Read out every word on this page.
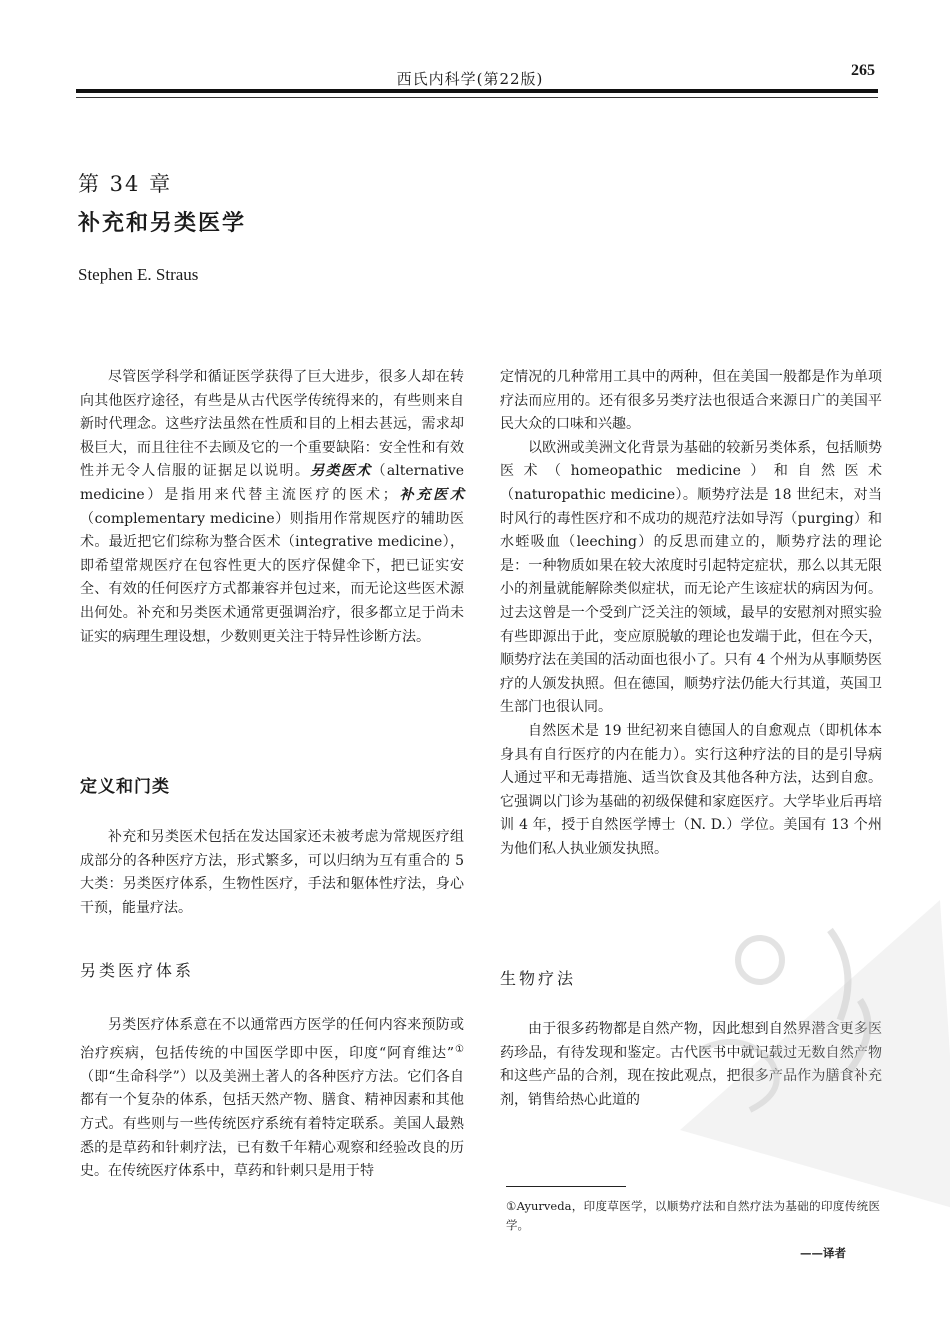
西氏内科学(第22版)	265
第 34 章
补充和另类医学
Stephen E. Straus

尽管医学科学和循证医学获得了巨大进步，很多人却在转向其他医疗途径，有些是从古代医学传统得来的，有些则来自新时代理念。这些疗法虽然在性质和目的上相去甚远，需求却极巨大，而且往往不去顾及它的一个重要缺陷：安全性和有效性并无令人信服的证据足以说明。另类医术（alternative medicine）是指用来代替主流医疗的医术；补充医术（complementary medicine）则指用作常规医疗的辅助医术。最近把它们综称为整合医术（integrative medicine），即希望常规医疗在包容性更大的医疗保健伞下，把已证实安全、有效的任何医疗方式都兼容并包过来，而无论这些医术源出何处。补充和另类医术通常更强调治疗，很多都立足于尚未证实的病理生理设想，少数则更关注于特异性诊断方法。

定义和门类

补充和另类医术包括在发达国家还未被考虑为常规医疗组成部分的各种医疗方法，形式繁多，可以归纳为互有重合的 5 大类：另类医疗体系，生物性医疗，手法和躯体性疗法，身心干预，能量疗法。

另类医疗体系

另类医疗体系意在不以通常西方医学的任何内容来预防或治疗疾病，包括传统的中国医学即中医，印度“阿育维达”①（即“生命科学”）以及美洲土著人的各种医疗方法。它们各自都有一个复杂的体系，包括天然产物、膳食、精神因素和其他方式。有些则与一些传统医疗系统有着特定联系。美国人最熟悉的是草药和针刺疗法，已有数千年精心观察和经验改良的历史。在传统医疗体系中，草药和针刺只是用于特

定情况的几种常用工具中的两种，但在美国一般都是作为单项疗法而应用的。还有很多另类疗法也很适合来源日广的美国平民大众的口味和兴趣。

以欧洲或美洲文化背景为基础的较新另类体系，包括顺势医术（homeopathic medicine）和自然医术（naturopathic medicine）。顺势疗法是 18 世纪末，对当时风行的毒性医疗和不成功的规范疗法如导泻（purging）和水蛭吸血（leeching）的反思而建立的，顺势疗法的理论是：一种物质如果在较大浓度时引起特定症状，那么以其无限小的剂量就能解除类似症状，而无论产生该症状的病因为何。过去这曾是一个受到广泛关注的领域，最早的安慰剂对照实验有些即源出于此，变应原脱敏的理论也发端于此，但在今天，顺势疗法在美国的活动面也很小了。只有 4 个州为从事顺势医疗的人颁发执照。但在德国，顺势疗法仍能大行其道，英国卫生部门也很认同。

自然医术是 19 世纪初来自德国人的自愈观点（即机体本身具有自行医疗的内在能力）。实行这种疗法的目的是引导病人通过平和无毒措施、适当饮食及其他各种方法，达到自愈。它强调以门诊为基础的初级保健和家庭医疗。大学毕业后再培训 4 年，授于自然医学博士（N. D.）学位。美国有 13 个州为他们私人执业颁发执照。

生物疗法

由于很多药物都是自然产物，因此想到自然界潜含更多医药珍品，有待发现和鉴定。古代医书中就记载过无数自然产物和这些产品的合剂，现在按此观点，把很多产品作为膳食补充剂，销售给热心此道的

①Ayurveda，印度草医学，以顺势疗法和自然疗法为基础的印度传统医学。
——译者
